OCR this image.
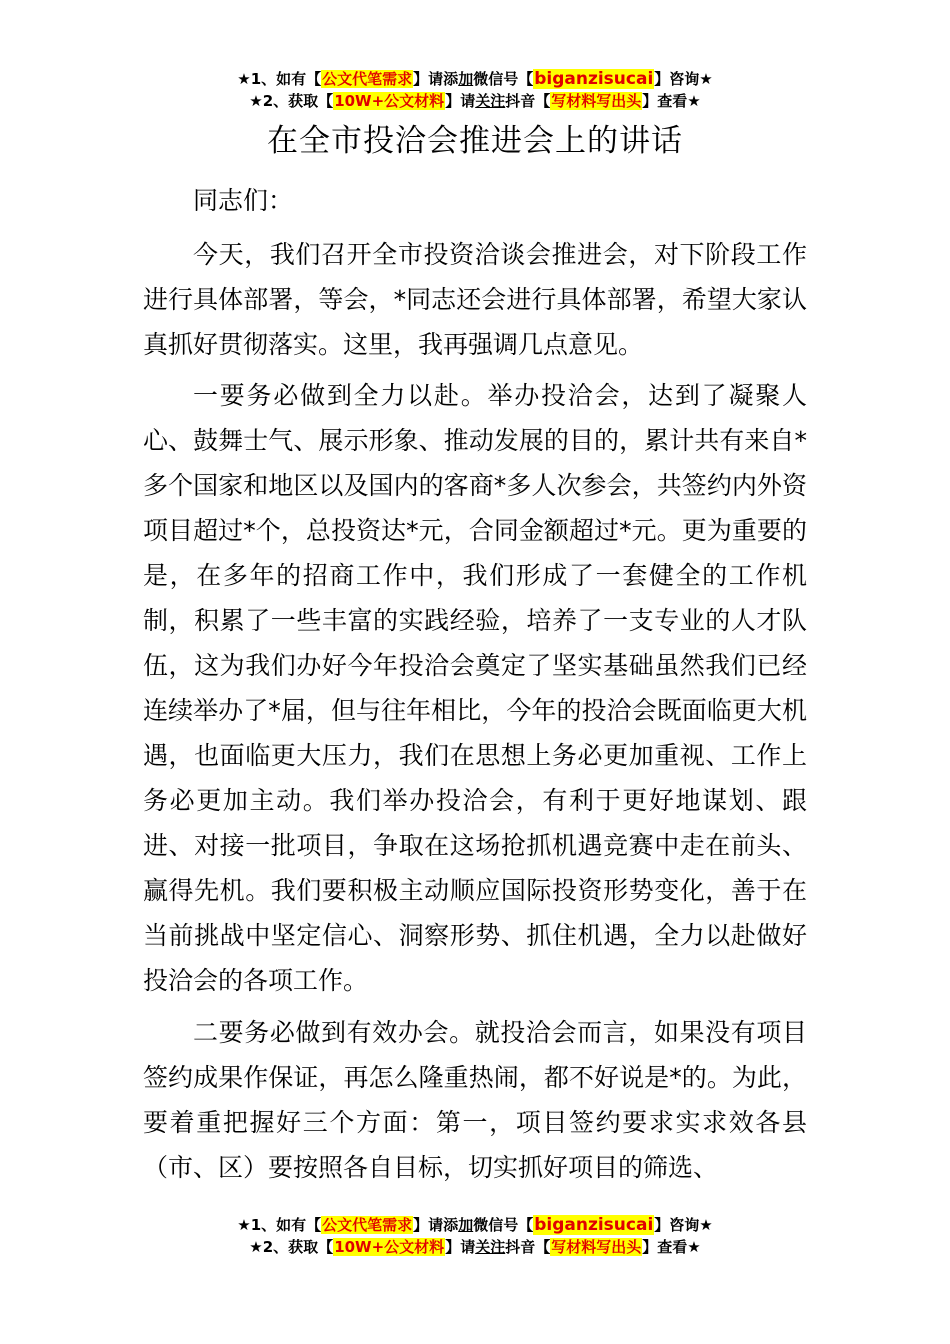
★1、如有【公文代笔需求】请添加微信号【biganzisucai】咨询★
★2、获取【10W+公文材料】请关注抖音【写材料写出头】查看★
在全市投洽会推进会上的讲话

同志们：

今天，我们召开全市投资洽谈会推进会，对下阶段工作进行具体部署，等会，*同志还会进行具体部署，希望大家认真抓好贯彻落实。这里，我再强调几点意见。

一要务必做到全力以赴。举办投洽会，达到了凝聚人心、鼓舞士气、展示形象、推动发展的目的，累计共有来自*多个国家和地区以及国内的客商*多人次参会，共签约内外资项目超过*个，总投资达*元，合同金额超过*元。更为重要的是，在多年的招商工作中，我们形成了一套健全的工作机制，积累了一些丰富的实践经验，培养了一支专业的人才队伍，这为我们办好今年投洽会奠定了坚实基础虽然我们已经连续举办了*届，但与往年相比，今年的投洽会既面临更大机遇，也面临更大压力，我们在思想上务必更加重视、工作上务必更加主动。我们举办投洽会，有利于更好地谋划、跟进、对接一批项目，争取在这场抢抓机遇竞赛中走在前头、赢得先机。我们要积极主动顺应国际投资形势变化，善于在当前挑战中坚定信心、洞察形势、抓住机遇，全力以赴做好投洽会的各项工作。

二要务必做到有效办会。就投洽会而言，如果没有项目签约成果作保证，再怎么隆重热闹，都不好说是*的。为此，要着重把握好三个方面：第一，项目签约要求实求效各县（市、区）要按照各自目标，切实抓好项目的筛选、

★1、如有【公文代笔需求】请添加微信号【biganzisucai】咨询★
★2、获取【10W+公文材料】请关注抖音【写材料写出头】查看★
